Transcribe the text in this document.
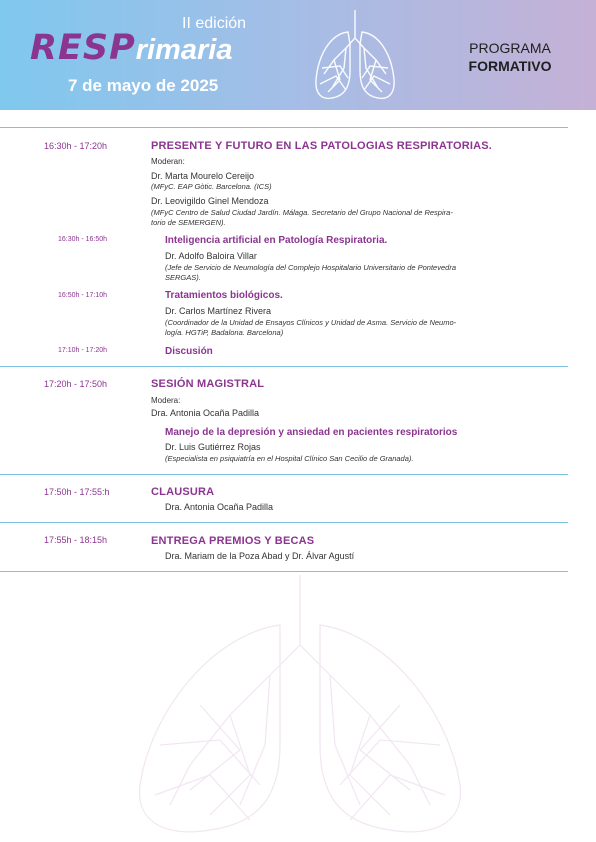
II edición
RESPrimaria
7 de mayo de 2025
PROGRAMA
FORMATIVO
16:30h - 17:20h	PRESENTE Y FUTURO EN LAS PATOLOGIAS RESPIRATORIAS.
Moderan:
Dr. Marta Mourelo Cereijo
(MFyC. EAP Gòtic. Barcelona. (ICS)
Dr. Leovigildo Ginel Mendoza
(MFyC Centro de Salud Ciudad Jardín. Málaga. Secretario del Grupo Nacional de Respira-
torio de SEMERGEN).
16:30h - 16:50h	Inteligencia artificial en Patología Respiratoria.
Dr. Adolfo Baloira Villar
(Jefe de Servicio de Neumología del Complejo Hospitalario Universitario de Pontevedra
SERGAS).
16:50h - 17:10h	Tratamientos biológicos.
Dr. Carlos Martínez Rivera
(Coordinador de la Unidad de Ensayos Clínicos y Unidad de Asma. Servicio de Neumo-
logía. HGTiP, Badalona. Barcelona)
17:10h - 17:20h	Discusión
17:20h - 17:50h	SESIÓN MAGISTRAL
Modera:
Dra. Antonia Ocaña Padilla
Manejo de la depresión y ansiedad en pacientes respiratorios
Dr. Luis Gutiérrez Rojas
(Especialista en psiquiatría en el Hospital Clínico San Cecilio de Granada).
17:50h - 17:55:h	CLAUSURA
Dra. Antonia Ocaña Padilla
17:55h - 18:15h	ENTREGA PREMIOS Y BECAS
Dra. Mariam de la Poza Abad y Dr. Álvar Agustí
